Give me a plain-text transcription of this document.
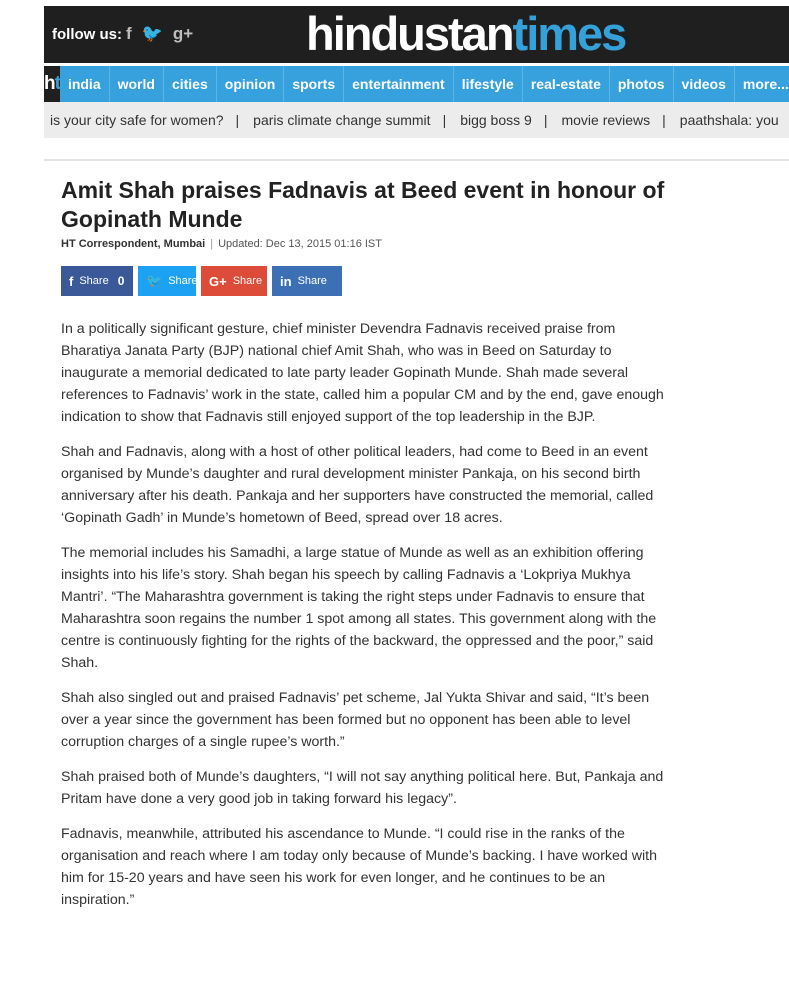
follow us: f 🐦 g+ hindustantimes
h t india	world	cities	opinion	sports	entertainment	lifestyle	real-estate	photos	videos	more...
is your city safe for women? |	paris climate change summit |	bigg boss 9 |	movie reviews |	paathshala: you
Amit Shah praises Fadnavis at Beed event in honour of Gopinath Munde
HT Correspondent, Mumbai | Updated: Dec 13, 2015 01:16 IST
f Share 0 🐦 Share G+ Share in Share

In a politically significant gesture, chief minister Devendra Fadnavis received praise from Bharatiya Janata Party (BJP) national chief Amit Shah, who was in Beed on Saturday to inaugurate a memorial dedicated to late party leader Gopinath Munde. Shah made several references to Fadnavis’ work in the state, called him a popular CM and by the end, gave enough indication to show that Fadnavis still enjoyed support of the top leadership in the BJP.

Shah and Fadnavis, along with a host of other political leaders, had come to Beed in an event organised by Munde’s daughter and rural development minister Pankaja, on his second birth anniversary after his death. Pankaja and her supporters have constructed the memorial, called ‘Gopinath Gadh’ in Munde’s hometown of Beed, spread over 18 acres.

The memorial includes his Samadhi, a large statue of Munde as well as an exhibition offering insights into his life’s story. Shah began his speech by calling Fadnavis a ‘Lokpriya Mukhya Mantri’. “The Maharashtra government is taking the right steps under Fadnavis to ensure that Maharashtra soon regains the number 1 spot among all states. This government along with the centre is continuously fighting for the rights of the backward, the oppressed and the poor,” said Shah.

Shah also singled out and praised Fadnavis’ pet scheme, Jal Yukta Shivar and said, “It’s been over a year since the government has been formed but no opponent has been able to level corruption charges of a single rupee’s worth.”

Shah praised both of Munde’s daughters, “I will not say anything political here. But, Pankaja and Pritam have done a very good job in taking forward his legacy”.

Fadnavis, meanwhile, attributed his ascendance to Munde. “I could rise in the ranks of the organisation and reach where I am today only because of Munde’s backing. I have worked with him for 15-20 years and have seen his work for even longer, and he continues to be an inspiration.”
